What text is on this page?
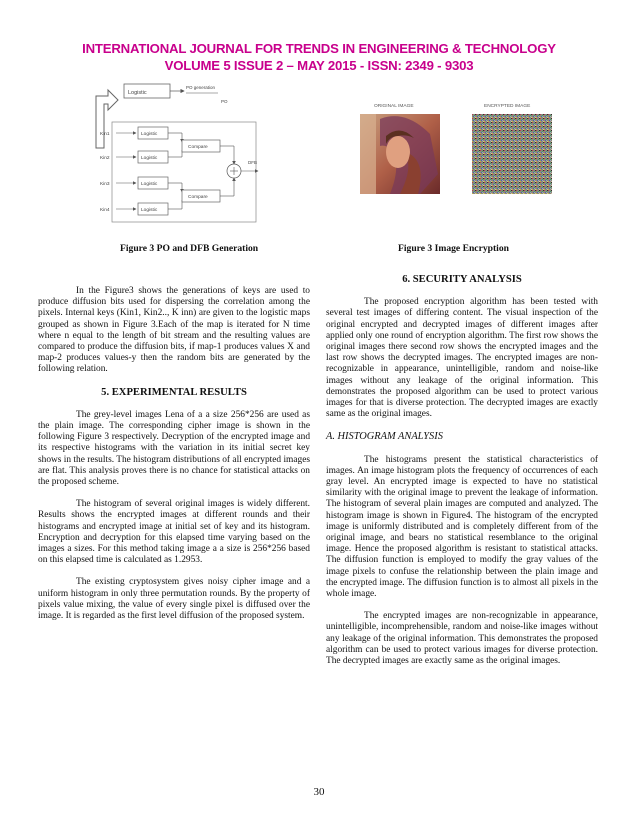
INTERNATIONAL JOURNAL FOR TRENDS IN ENGINEERING & TECHNOLOGY
VOLUME 5 ISSUE 2 – MAY 2015 - ISSN: 2349 - 9303
Logistic
PO generation
PO
Kin1
Kin2
Kin3
Kin4
Logistic
Logistic
Logistic
Logistic
Compare
Compare
DFB
Figure 3 PO and DFB Generation
ORIGINAL IMAGE	ENCRYPTED IMAGE
Figure 3 Image Encryption

In the Figure3 shows the generations of keys are used to produce diffusion bits used for dispersing the correlation among the pixels. Internal keys (Kin1, Kin2.., K inn) are given to the logistic maps grouped as shown in Figure 3.Each of the map is iterated for N time where n equal to the length of bit stream and the resulting values are compared to produce the diffusion bits, if map-1 produces values X and map-2 produces values-y then the random bits are generated by the following relation.

5. EXPERIMENTAL RESULTS

The grey-level images Lena of a a size 256*256 are used as the plain image. The corresponding cipher image is shown in the following Figure 3 respectively. Decryption of the encrypted image and its respective histograms with the variation in its initial secret key shows in the results. The histogram distributions of all encrypted images are flat. This analysis proves there is no chance for statistical attacks on the proposed scheme.

The histogram of several original images is widely different. Results shows the encrypted images at different rounds and their histograms and encrypted image at initial set of key and its histogram. Encryption and decryption for this elapsed time varying based on the images a sizes. For this method taking image a a size is 256*256 based on this elapsed time is calculated as 1.2953.

The existing cryptosystem gives noisy cipher image and a uniform histogram in only three permutation rounds. By the property of pixels value mixing, the value of every single pixel is diffused over the image. It is regarded as the first level diffusion of the proposed system.

6. SECURITY ANALYSIS

The proposed encryption algorithm has been tested with several test images of differing content. The visual inspection of the original encrypted and decrypted images of different images after applied only one round of encryption algorithm. The first row shows the original images there second row shows the encrypted images and the last row shows the decrypted images. The encrypted images are non-recognizable in appearance, unintelligible, random and noise-like images without any leakage of the original information. This demonstrates the proposed algorithm can be used to protect various images for that is diverse protection. The decrypted images are exactly same as the original images.

A. HISTOGRAM ANALYSIS

The histograms present the statistical characteristics of images. An image histogram plots the frequency of occurrences of each gray level. An encrypted image is expected to have no statistical similarity with the original image to prevent the leakage of information. The histogram of several plain images are computed and analyzed. The histogram image is shown in Figure4. The histogram of the encrypted image is uniformly distributed and is completely different from of the original image, and bears no statistical resemblance to the original image. Hence the proposed algorithm is resistant to statistical attacks. The diffusion function is employed to modify the gray values of the image pixels to confuse the relationship between the plain image and the encrypted image. The diffusion function is to almost all pixels in the whole image.

The encrypted images are non-recognizable in appearance, unintelligible, incomprehensible, random and noise-like images without any leakage of the original information. This demonstrates the proposed algorithm can be used to protect various images for diverse protection. The decrypted images are exactly same as the original images.

30
